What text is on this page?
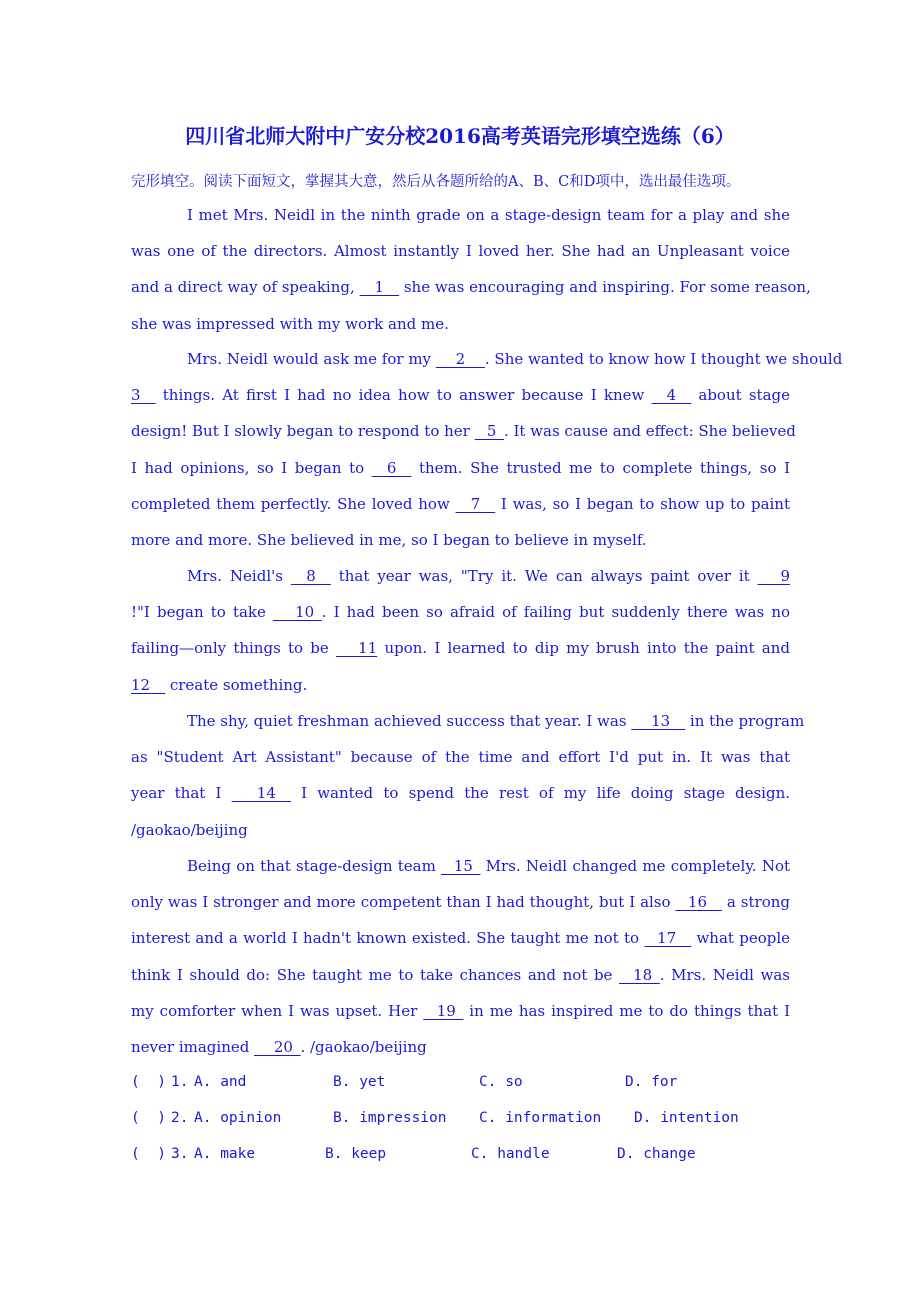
四川省北师大附中广安分校2016高考英语完形填空选练（6）
完形填空。阅读下面短文，掌握其大意，然后从各题所给的A、B、C和D项中，选出最佳选项。
I met Mrs. Neidl in the ninth grade on a stage-design team for a play and she
was one of the directors. Almost instantly I loved her. She had an Unpleasant voice
and a direct way of speaking, __1__ she was encouraging and inspiring. For some reason,
she was impressed with my work and me.
Mrs. Neidl would ask me for my  __2__ . She wanted to know how I thought we should
3__ things. At first I had no idea how to answer because I knew __4__ about stage
design! But I slowly began to respond to her  _5_. It was cause and effect: She believed
I had opinions, so I began to  _6__ them. She trusted me to complete things, so I
completed them perfectly. She loved how __7__ I was, so I began to show up to paint
more and more. She believed in me, so I began to believe in myself.
Mrs. Neidl's  _8__ that year was, "Try it. We can always paint over it  __9
!"I began to take  __10_. I had been so afraid of failing but suddenly there was no
failing—only things to be  __11 upon. I learned to dip my brush into the paint and
12__ create something.
The shy, quiet freshman achieved success that year. I was  __13__ in the program
as "Student Art Assistant" because of the time and effort I'd put in. It was that
year that I  __14__ I wanted to spend the rest of my life doing stage design.
/gaokao/beijing
Being on that stage-design team  _15_ Mrs. Neidl changed me completely. Not
only was I stronger and more competent than I had thought, but I also  _16__ a strong
interest and a world I hadn't known existed. She taught me not to  _17__ what people
think I should do: She taught me to take chances and not be  _18_. Mrs. Neidl was
my comforter when I was upset. Her  _19_ in me has inspired me to do things that I
never imagined  __20_. /gaokao/beijing
(  ) 1. A. and	B. yet	C. so	D. for
(  ) 2. A. opinion	B. impression C. information D. intention
(  ) 3. A. make	B. keep	C. handle	D. change
